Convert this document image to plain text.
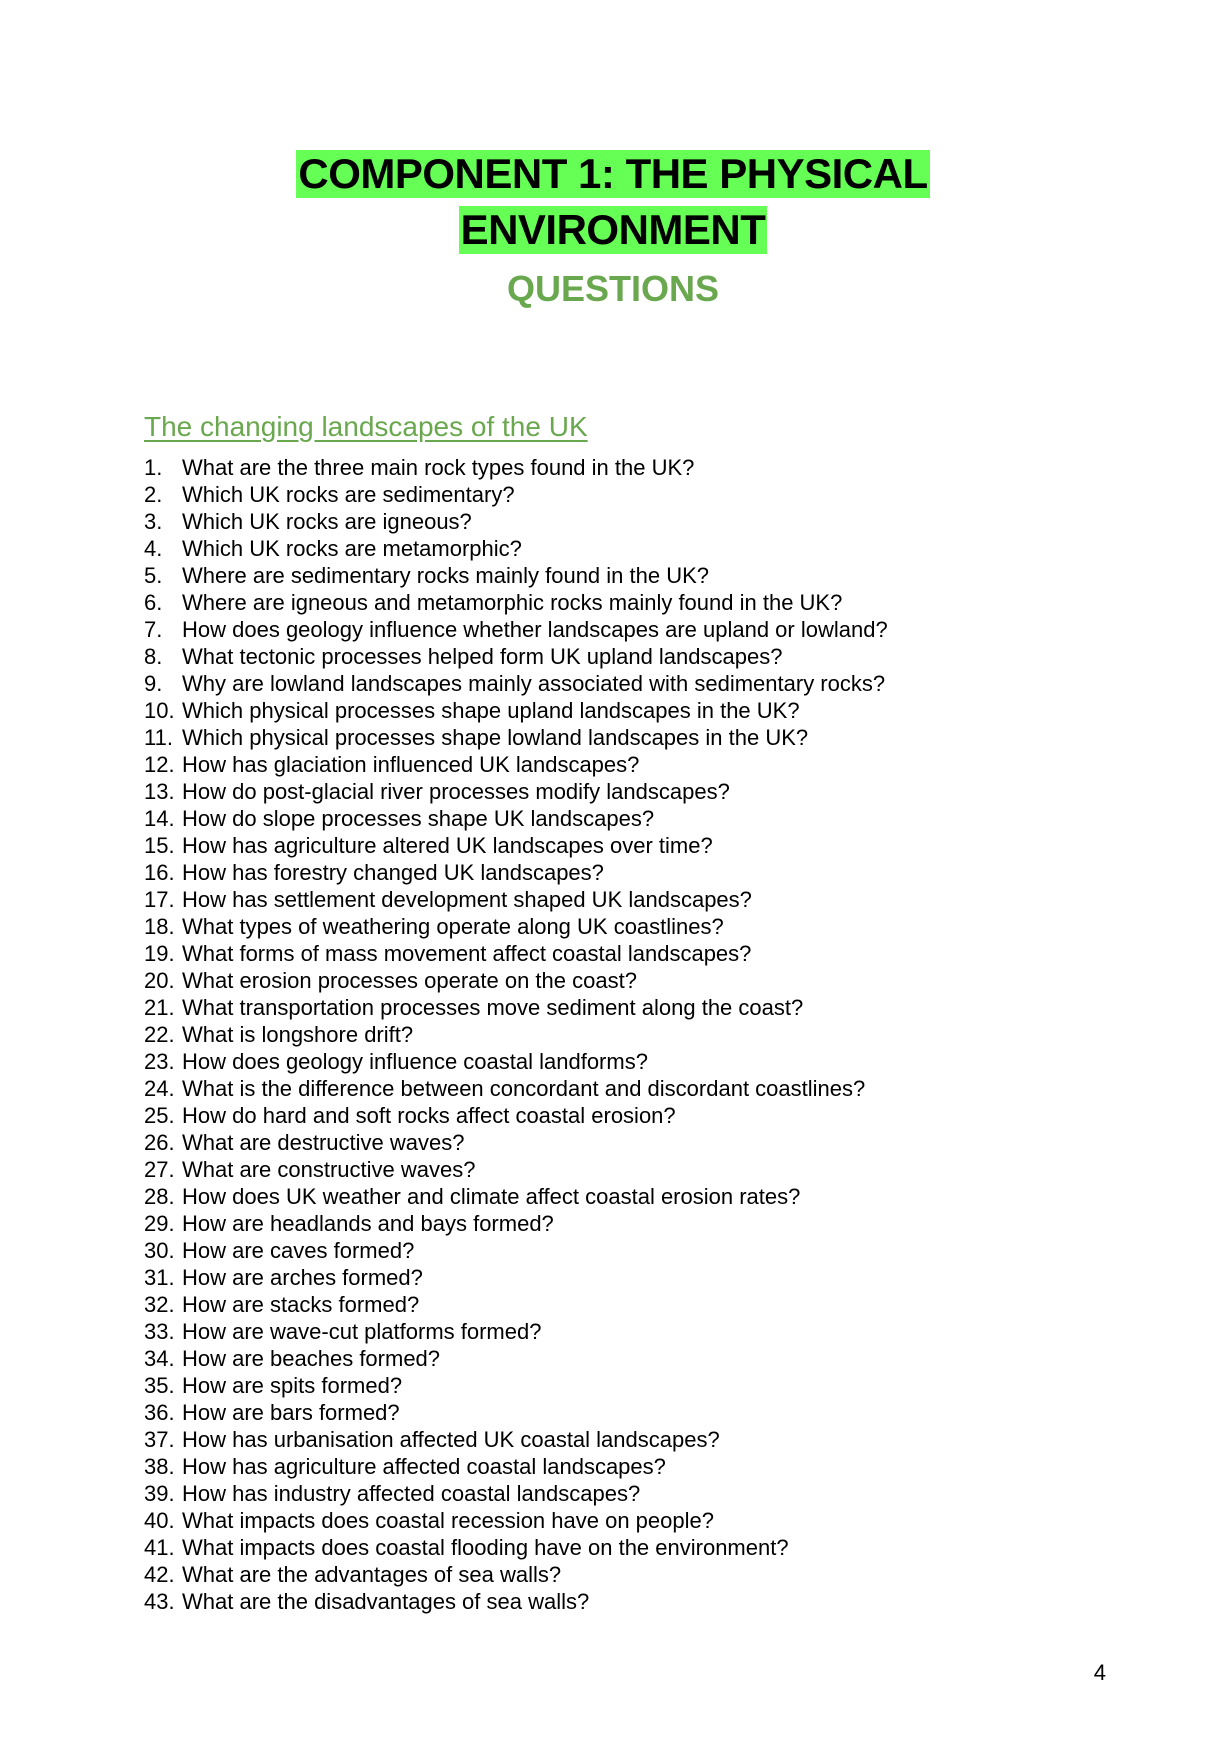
COMPONENT 1: THE PHYSICAL
ENVIRONMENT
QUESTIONS
The changing landscapes of the UK
1. What are the three main rock types found in the UK?
2. Which UK rocks are sedimentary?
3. Which UK rocks are igneous?
4. Which UK rocks are metamorphic?
5. Where are sedimentary rocks mainly found in the UK?
6. Where are igneous and metamorphic rocks mainly found in the UK?
7. How does geology influence whether landscapes are upland or lowland?
8. What tectonic processes helped form UK upland landscapes?
9. Why are lowland landscapes mainly associated with sedimentary rocks?
10. Which physical processes shape upland landscapes in the UK?
11. Which physical processes shape lowland landscapes in the UK?
12. How has glaciation influenced UK landscapes?
13. How do post-glacial river processes modify landscapes?
14. How do slope processes shape UK landscapes?
15. How has agriculture altered UK landscapes over time?
16. How has forestry changed UK landscapes?
17. How has settlement development shaped UK landscapes?
18. What types of weathering operate along UK coastlines?
19. What forms of mass movement affect coastal landscapes?
20. What erosion processes operate on the coast?
21. What transportation processes move sediment along the coast?
22. What is longshore drift?
23. How does geology influence coastal landforms?
24. What is the difference between concordant and discordant coastlines?
25. How do hard and soft rocks affect coastal erosion?
26. What are destructive waves?
27. What are constructive waves?
28. How does UK weather and climate affect coastal erosion rates?
29. How are headlands and bays formed?
30. How are caves formed?
31. How are arches formed?
32. How are stacks formed?
33. How are wave-cut platforms formed?
34. How are beaches formed?
35. How are spits formed?
36. How are bars formed?
37. How has urbanisation affected UK coastal landscapes?
38. How has agriculture affected coastal landscapes?
39. How has industry affected coastal landscapes?
40. What impacts does coastal recession have on people?
41. What impacts does coastal flooding have on the environment?
42. What are the advantages of sea walls?
43. What are the disadvantages of sea walls?
4
